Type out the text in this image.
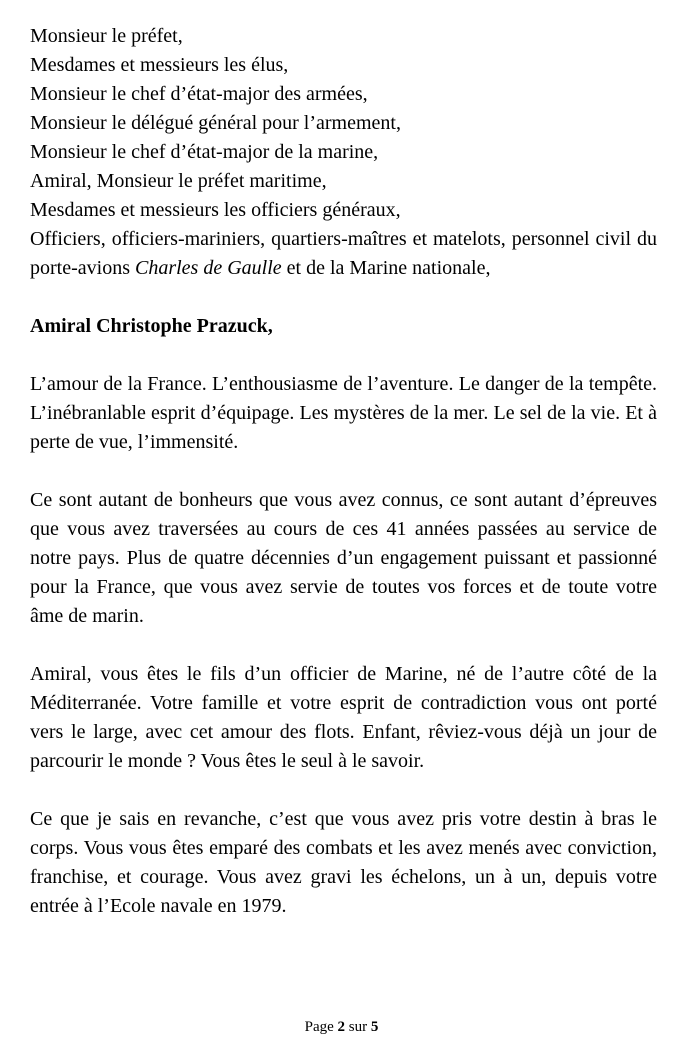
Monsieur le préfet,
Mesdames et messieurs les élus,
Monsieur le chef d’état-major des armées,
Monsieur le délégué général pour l’armement,
Monsieur le chef d’état-major de la marine,
Amiral, Monsieur le préfet maritime,
Mesdames et messieurs les officiers généraux,

Officiers, officiers-mariniers, quartiers-maîtres et matelots, personnel civil du porte-avions Charles de Gaulle et de la Marine nationale,

Amiral Christophe Prazuck,

L’amour de la France. L’enthousiasme de l’aventure. Le danger de la tempête. L’inébranlable esprit d’équipage. Les mystères de la mer. Le sel de la vie. Et à perte de vue, l’immensité.

Ce sont autant de bonheurs que vous avez connus, ce sont autant d’épreuves que vous avez traversées au cours de ces 41 années passées au service de notre pays. Plus de quatre décennies d’un engagement puissant et passionné pour la France, que vous avez servie de toutes vos forces et de toute votre âme de marin.

Amiral, vous êtes le fils d’un officier de Marine, né de l’autre côté de la Méditerranée. Votre famille et votre esprit de contradiction vous ont porté vers le large, avec cet amour des flots. Enfant, rêviez-vous déjà un jour de parcourir le monde ? Vous êtes le seul à le savoir.

Ce que je sais en revanche, c’est que vous avez pris votre destin à bras le corps. Vous vous êtes emparé des combats et les avez menés avec conviction, franchise, et courage. Vous avez gravi les échelons, un à un, depuis votre entrée à l’Ecole navale en 1979.

Page 2 sur 5
